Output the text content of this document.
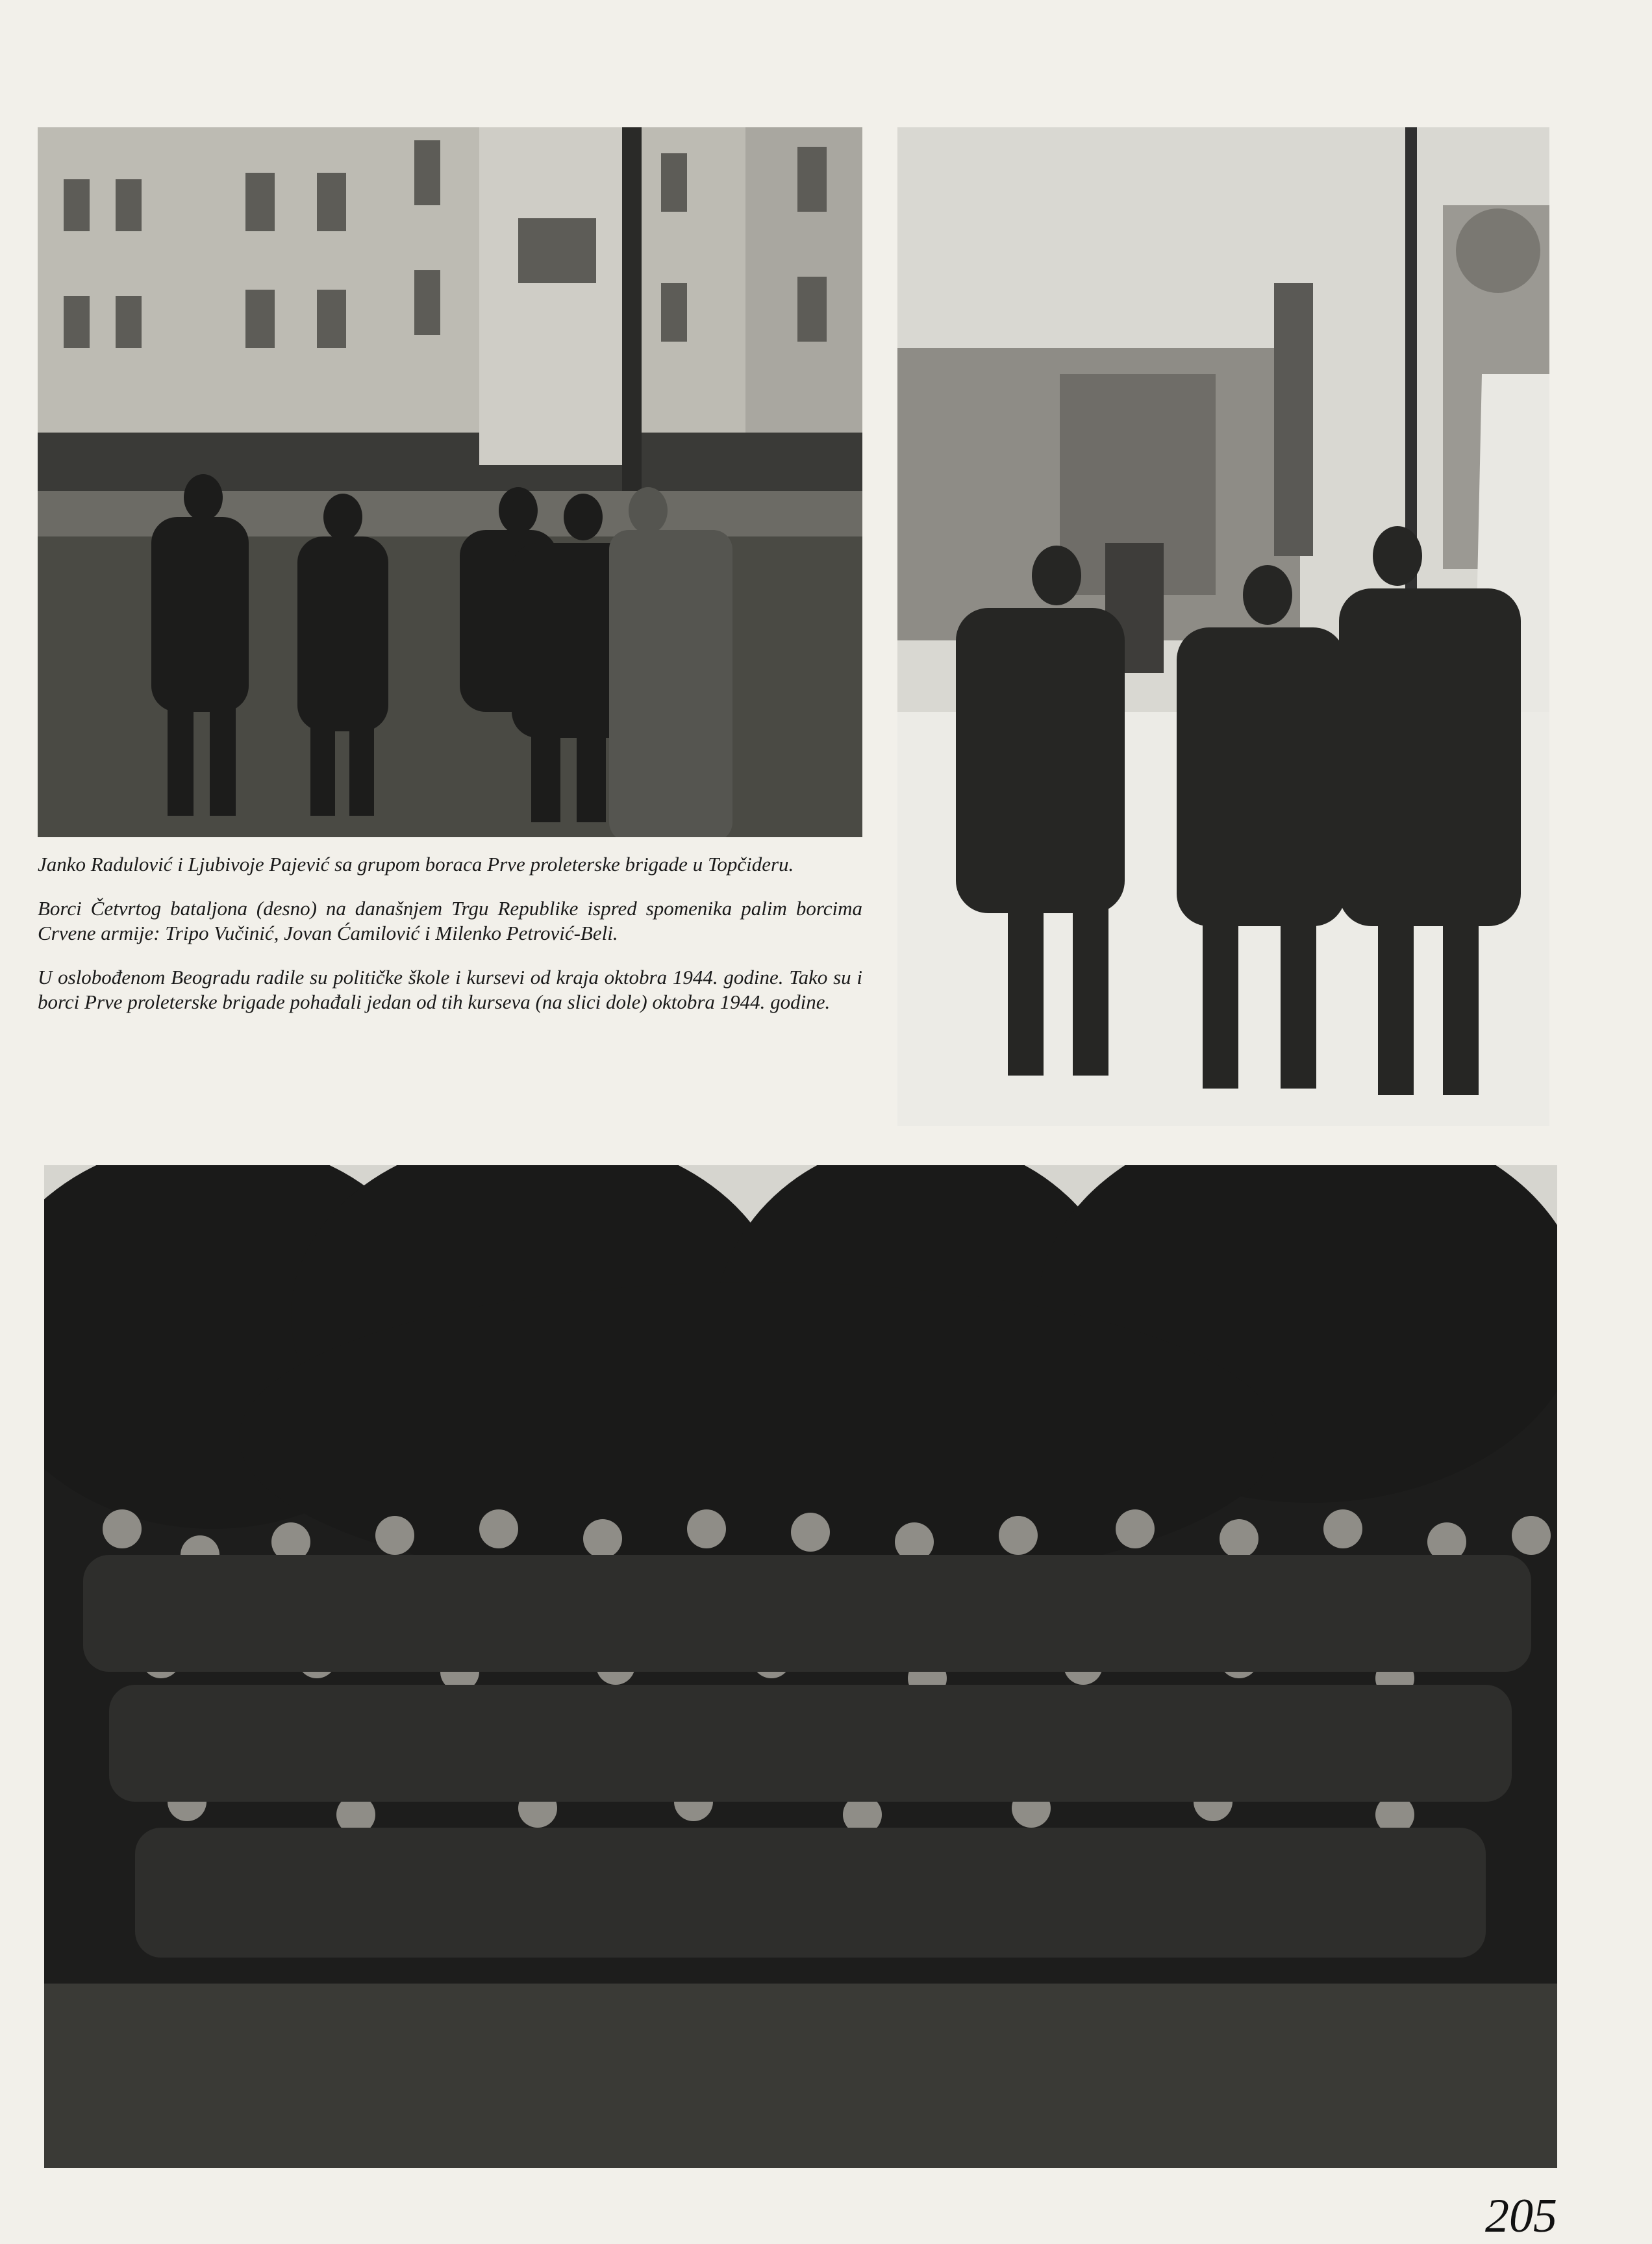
Janko Radulović i Ljubivoje Pajević sa grupom boraca Prve proleterske brigade u Topčideru.

Borci Četvrtog bataljona (desno) na današnjem Trgu Republike ispred spomenika palim borcima Crvene armije: Tripo Vučinić, Jovan Ćamilović i Milenko Petrović-Beli.

U oslobođenom Beogradu radile su političke škole i kursevi od kraja oktobra 1944. godine. Tako su i borci Prve proleterske brigade pohađali jedan od tih kurseva (na slici dole) oktobra 1944. godine.

205
